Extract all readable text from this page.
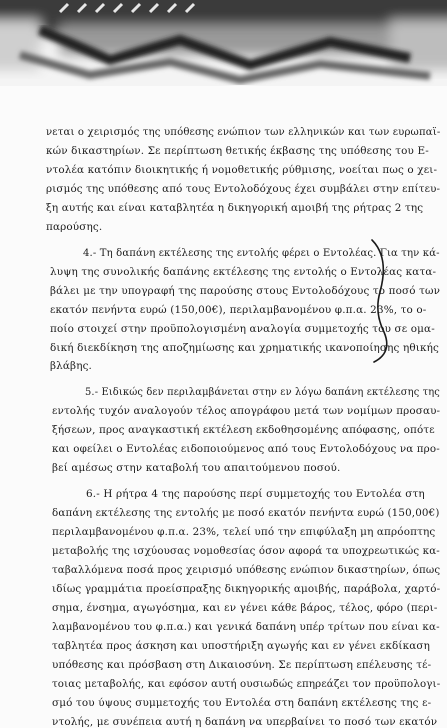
νεται ο χειρισμός της υπόθεσης ενώπιον των ελληνικών και των ευρωπαϊ-
κών δικαστηρίων. Σε περίπτωση θετικής έκβασης της υπόθεσης του Ε-
ντολέα κατόπιν διοικητικής ή νομοθετικής ρύθμισης, νοείται πως ο χει-
ρισμός της υπόθεσης από τους Εντολοδόχους έχει συμβάλει στην επίτευ-
ξη αυτής και είναι καταβλητέα η δικηγορική αμοιβή της ρήτρας 2 της
παρούσης.
4.- Τη δαπάνη εκτέλεσης της εντολής φέρει ο Εντολέας. Για την κά-
λυψη της συνολικής δαπάνης εκτέλεσης της εντολής ο Εντολέας κατα-
βάλει με την υπογραφή της παρούσης στους Εντολοδόχους το ποσό των
εκατόν πενήντα ευρώ (150,00€), περιλαμβανομένου φ.π.α. 23%, το ο-
ποίο στοιχεί στην προϋπολογισμένη αναλογία συμμετοχής του σε ομα-
δική διεκδίκηση της αποζημίωσης και χρηματικής ικανοποίησης ηθικής
βλάβης.
5.- Ειδικώς δεν περιλαμβάνεται στην εν λόγω δαπάνη εκτέλεσης της
εντολής τυχόν αναλογούν τέλος απογράφου μετά των νομίμων προσαυ-
ξήσεων, προς αναγκαστική εκτέλεση εκδοθησομένης απόφασης, οπότε
και οφείλει ο Εντολέας ειδοποιούμενος από τους Εντολοδόχους να προ-
βεί αμέσως στην καταβολή του απαιτούμενου ποσού.
6.- Η ρήτρα 4 της παρούσης περί συμμετοχής του Εντολέα στη
δαπάνη εκτέλεσης της εντολής με ποσό εκατόν πενήντα ευρώ (150,00€)
περιλαμβανομένου φ.π.α. 23%, τελεί υπό την επιφύλαξη μη απρόοπτης
μεταβολής της ισχύουσας νομοθεσίας όσον αφορά τα υποχρεωτικώς κα-
ταβαλλόμενα ποσά προς χειρισμό υπόθεσης ενώπιον δικαστηρίων, όπως
ιδίως γραμμάτια προείσπραξης δικηγορικής αμοιβής, παράβολα, χαρτό-
σημα, ένσημα, αγωγόσημα, και εν γένει κάθε βάρος, τέλος, φόρο (περι-
λαμβανομένου του φ.π.α.) και γενικά δαπάνη υπέρ τρίτων που είναι κα-
ταβλητέα προς άσκηση και υποστήριξη αγωγής και εν γένει εκδίκαση
υπόθεσης και πρόσβαση στη Δικαιοσύνη. Σε περίπτωση επέλευσης τέ-
τοιας μεταβολής, και εφόσον αυτή ουσιωδώς επηρεάζει τον προϋπολογι-
σμό του ύψους συμμετοχής του Εντολέα στη δαπάνη εκτέλεσης της ε-
ντολής, με συνέπεια αυτή η δαπάνη να υπερβαίνει το ποσό των εκατόν
